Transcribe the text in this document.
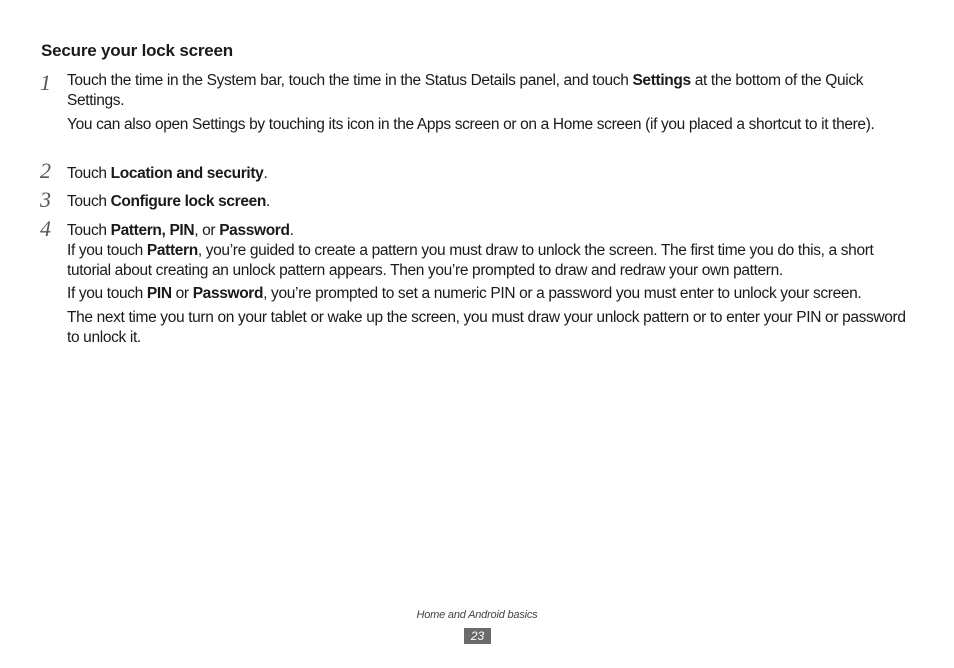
Secure your lock screen
1 Touch the time in the System bar, touch the time in the Status Details panel, and touch Settings at the bottom of the Quick Settings.

You can also open Settings by touching its icon in the Apps screen or on a Home screen (if you placed a shortcut to it there).

2 Touch Location and security.

3 Touch Configure lock screen.

4 Touch Pattern, PIN, or Password.

If you touch Pattern, you’re guided to create a pattern you must draw to unlock the screen. The first time you do this, a short tutorial about creating an unlock pattern appears. Then you’re prompted to draw and redraw your own pattern.

If you touch PIN or Password, you’re prompted to set a numeric PIN or a password you must enter to unlock your screen.

The next time you turn on your tablet or wake up the screen, you must draw your unlock pattern or to enter your PIN or password to unlock it.

Home and Android basics
23
